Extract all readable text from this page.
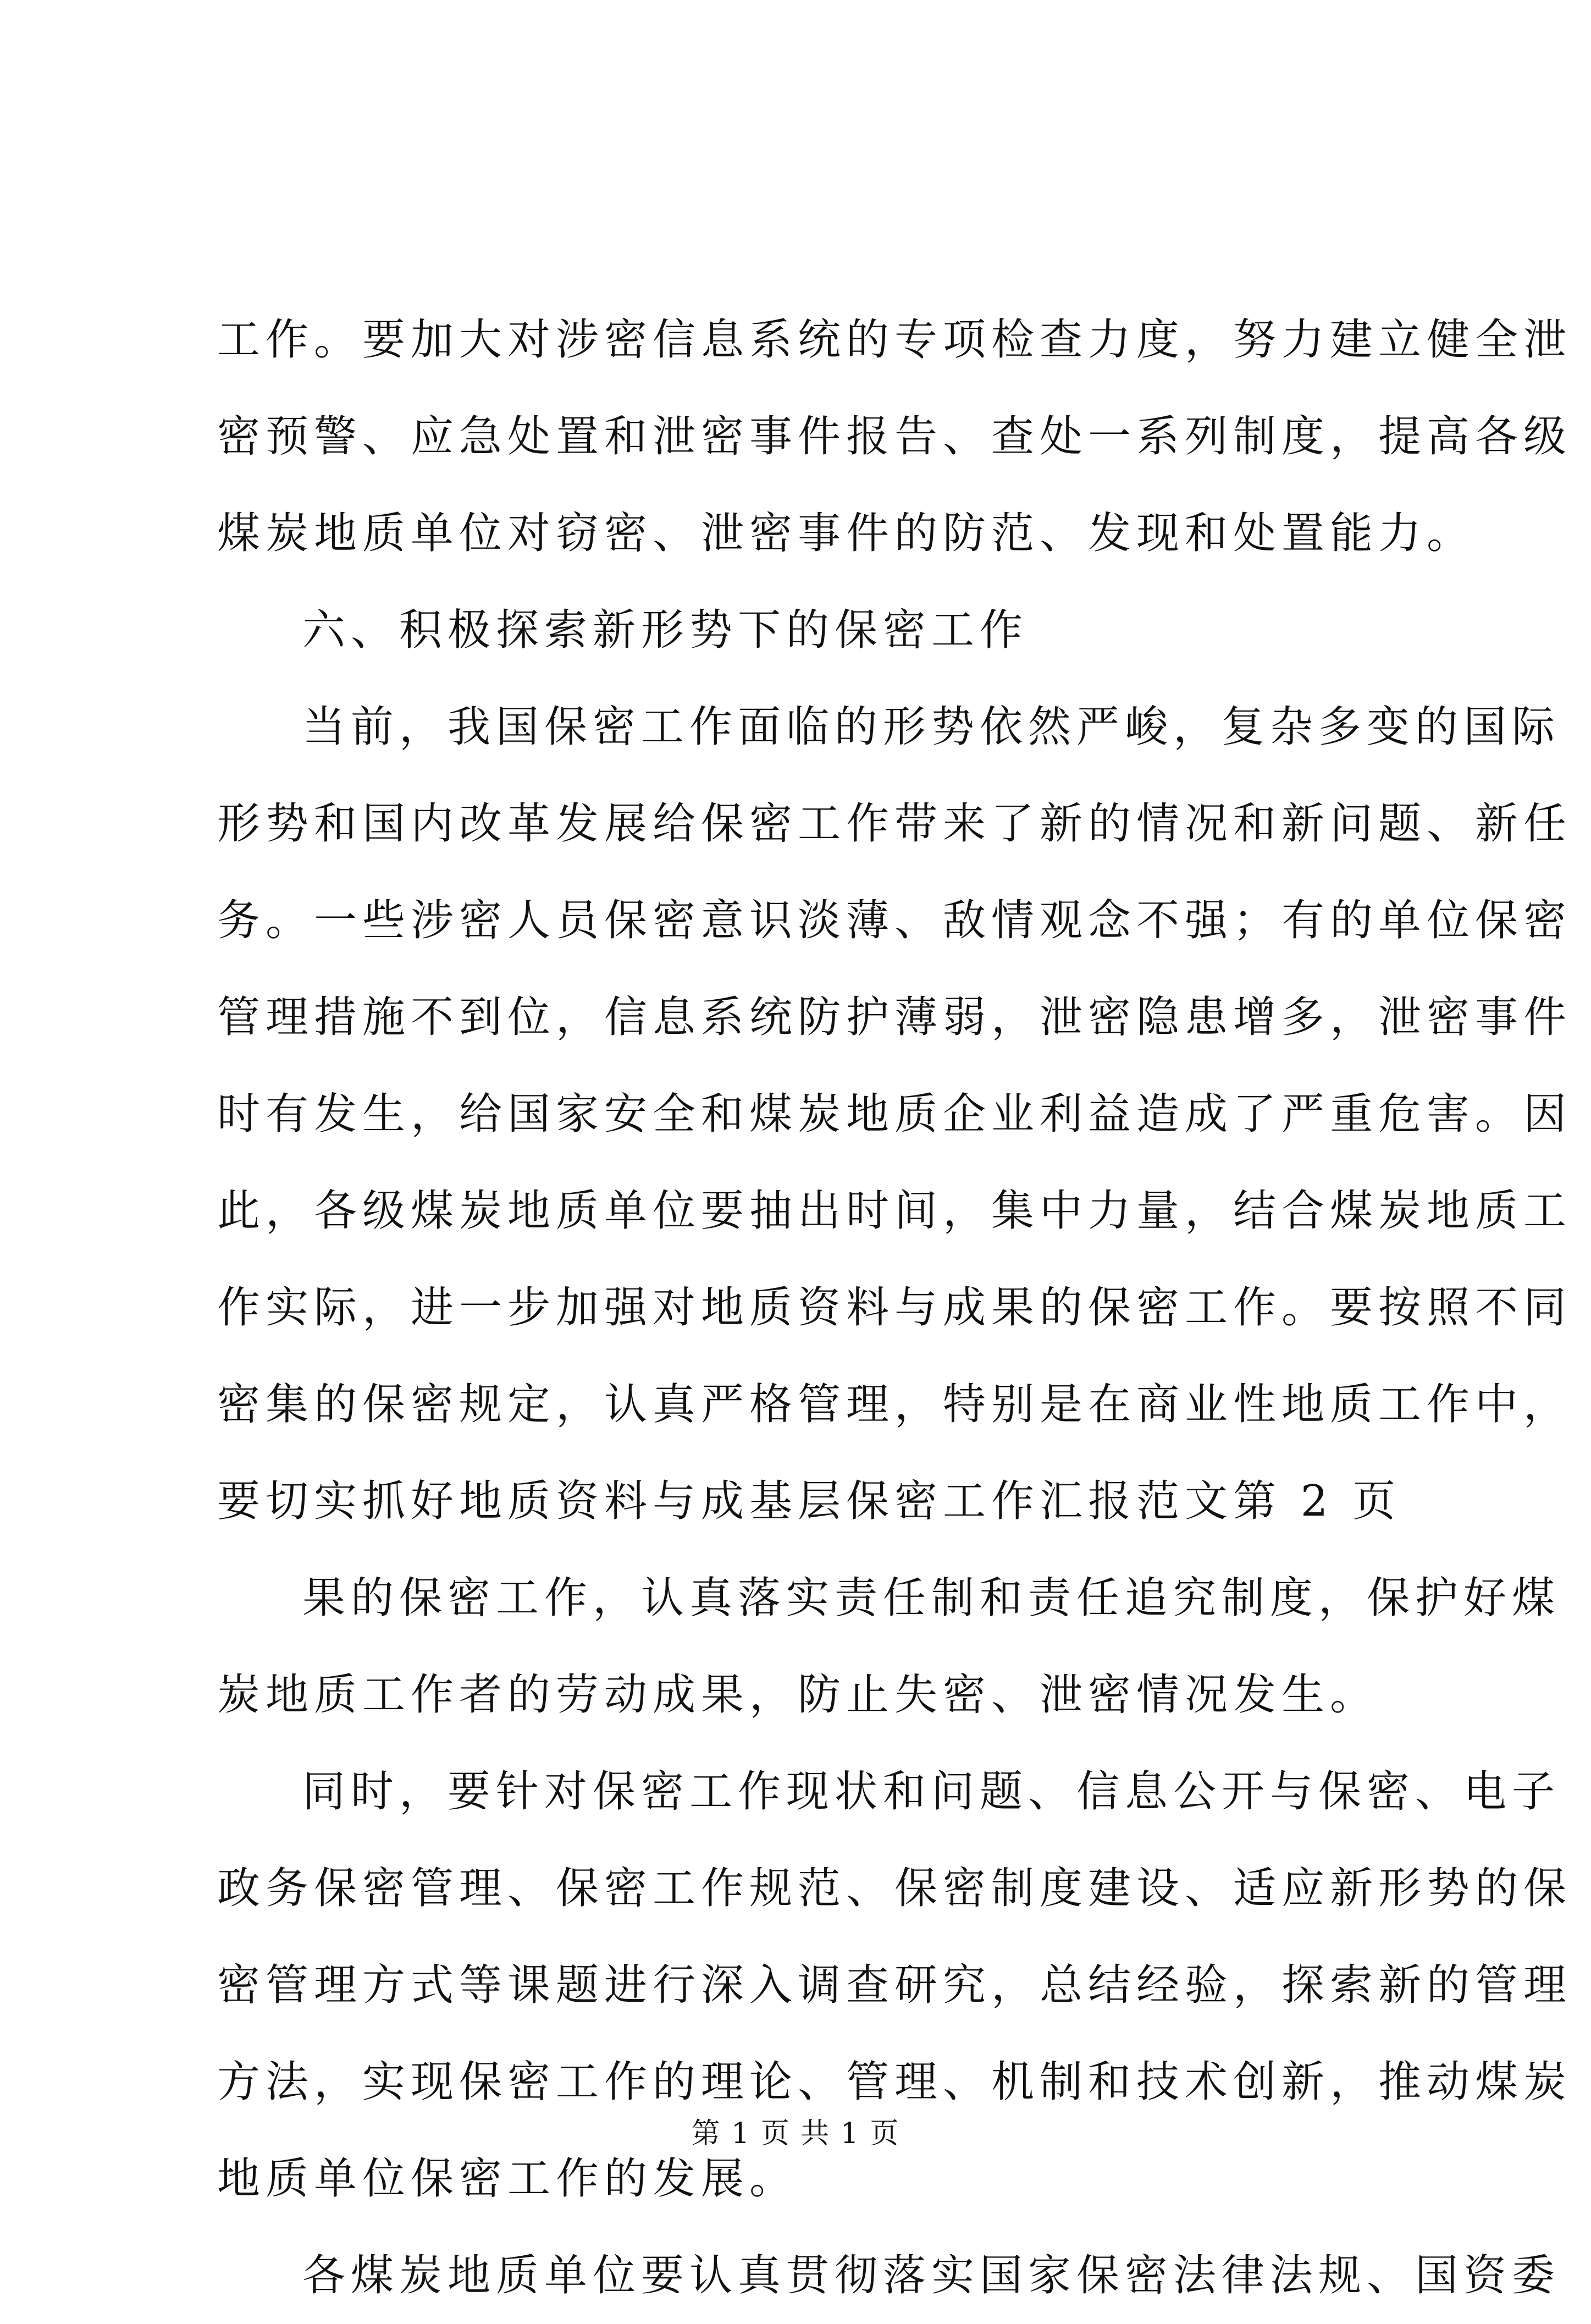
工作。要加大对涉密信息系统的专项检查力度，努力建立健全泄
密预警、应急处置和泄密事件报告、查处一系列制度，提高各级
煤炭地质单位对窃密、泄密事件的防范、发现和处置能力。
六、积极探索新形势下的保密工作
当前，我国保密工作面临的形势依然严峻，复杂多变的国际
形势和国内改革发展给保密工作带来了新的情况和新问题、新任
务。一些涉密人员保密意识淡薄、敌情观念不强；有的单位保密
管理措施不到位，信息系统防护薄弱，泄密隐患增多，泄密事件
时有发生，给国家安全和煤炭地质企业利益造成了严重危害。因
此，各级煤炭地质单位要抽出时间，集中力量，结合煤炭地质工
作实际，进一步加强对地质资料与成果的保密工作。要按照不同
密集的保密规定，认真严格管理，特别是在商业性地质工作中，
要切实抓好地质资料与成基层保密工作汇报范文第 2 页
果的保密工作，认真落实责任制和责任追究制度，保护好煤
炭地质工作者的劳动成果，防止失密、泄密情况发生。
同时，要针对保密工作现状和问题、信息公开与保密、电子
政务保密管理、保密工作规范、保密制度建设、适应新形势的保
密管理方式等课题进行深入调查研究，总结经验，探索新的管理
方法，实现保密工作的理论、管理、机制和技术创新，推动煤炭
地质单位保密工作的发展。
各煤炭地质单位要认真贯彻落实国家保密法律法规、国资委
第 1 页 共 1 页
